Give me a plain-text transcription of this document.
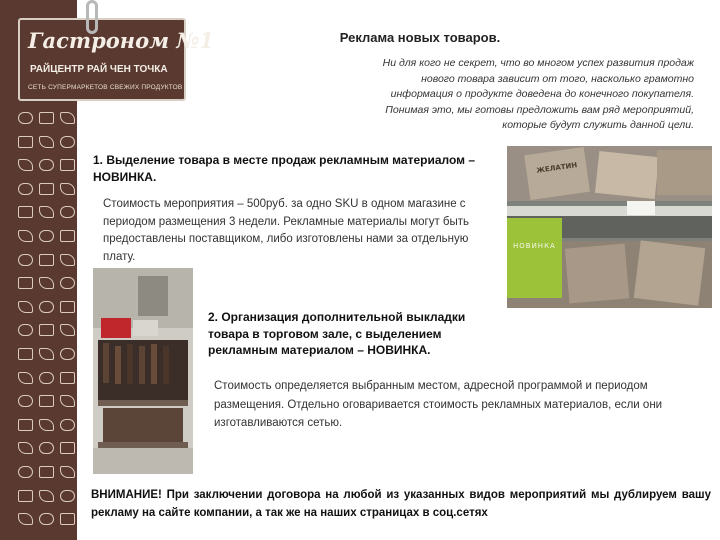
Гастроном №1
РАЙЦЕНТР РАЙ ЧЕН ТОЧКА
СЕТЬ СУПЕРМАРКЕТОВ СВЕЖИХ ПРОДУКТОВ
Реклама новых товаров.
Ни для кого не секрет, что во многом успех развития продаж
нового товара зависит от того, насколько грамотно
информация о продукте доведена до конечного покупателя.
Понимая это, мы готовы предложить вам ряд мероприятий,
которые будут служить данной цели.
1. Выделение товара в месте продаж рекламным материалом – НОВИНКА.
Стоимость мероприятия – 500руб. за одно SKU в одном магазине с периодом размещения 3 недели. Рекламные материалы могут быть предоставлены поставщиком, либо изготовлены нами за отдельную плату.
НОВИНКА
ЖЕЛАТИН
2. Организация дополнительной выкладки товара в торговом зале, с выделением рекламным материалом – НОВИНКА.
Стоимость определяется выбранным местом, адресной программой и периодом размещения. Отдельно оговаривается стоимость рекламных материалов, если они изготавливаются сетью.
ВНИМАНИЕ! При заключении договора на любой из указанных видов мероприятий мы дублируем вашу рекламу на сайте компании, а так же на наших страницах в соц.сетях
